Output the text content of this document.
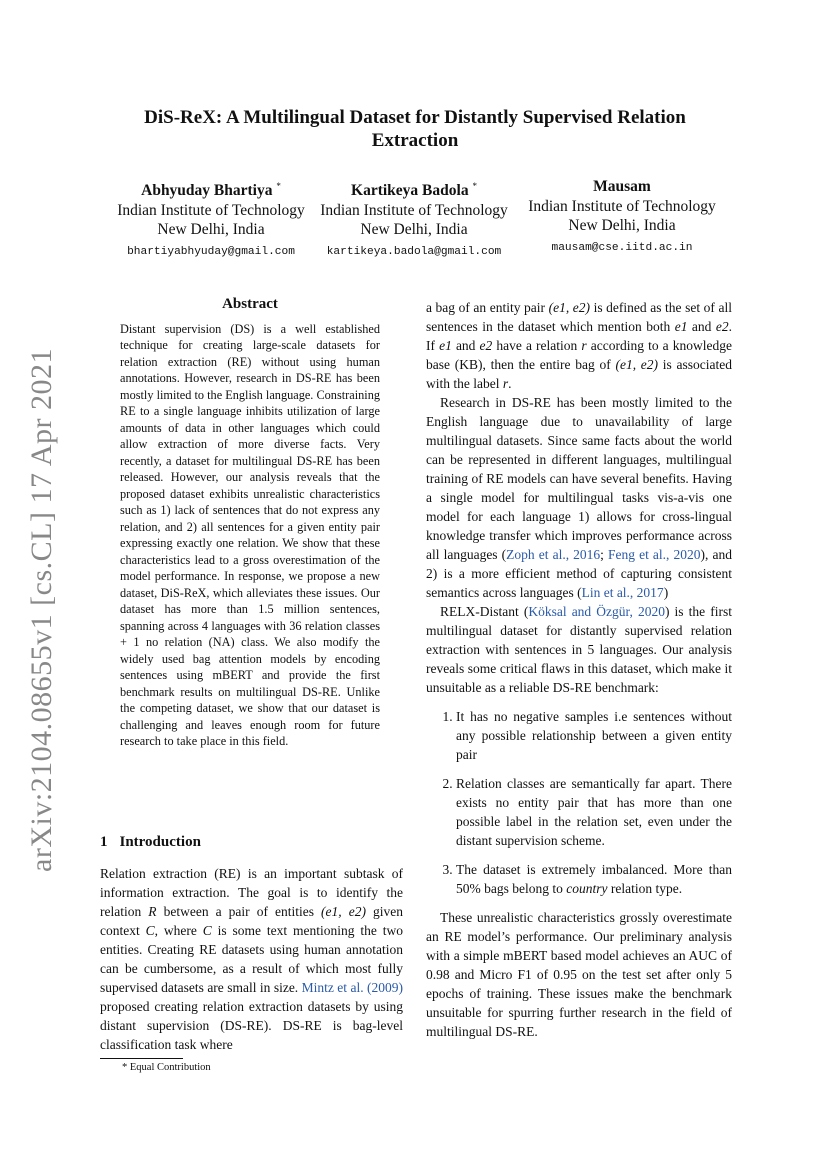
arXiv:2104.08655v1 [cs.CL] 17 Apr 2021
DiS-ReX: A Multilingual Dataset for Distantly Supervised Relation Extraction
Abhyuday Bhartiya *
Indian Institute of Technology
New Delhi, India
bhartiyabhyuday@gmail.com
Kartikeya Badola *
Indian Institute of Technology
New Delhi, India
kartikeya.badola@gmail.com
Mausam
Indian Institute of Technology
New Delhi, India
mausam@cse.iitd.ac.in
Abstract

Distant supervision (DS) is a well established technique for creating large-scale datasets for relation extraction (RE) without using human annotations. However, research in DS-RE has been mostly limited to the English language. Constraining RE to a single language inhibits utilization of large amounts of data in other languages which could allow extraction of more diverse facts. Very recently, a dataset for multilingual DS-RE has been released. However, our analysis reveals that the proposed dataset exhibits unrealistic characteristics such as 1) lack of sentences that do not express any relation, and 2) all sentences for a given entity pair expressing exactly one relation. We show that these characteristics lead to a gross overestimation of the model performance. In response, we propose a new dataset, DiS-ReX, which alleviates these issues. Our dataset has more than 1.5 million sentences, spanning across 4 languages with 36 relation classes + 1 no relation (NA) class. We also modify the widely used bag attention models by encoding sentences using mBERT and provide the first benchmark results on multilingual DS-RE. Unlike the competing dataset, we show that our dataset is challenging and leaves enough room for future research to take place in this field.

1 Introduction

Relation extraction (RE) is an important subtask of information extraction. The goal is to identify the relation R between a pair of entities (e1, e2) given context C, where C is some text mentioning the two entities. Creating RE datasets using human annotation can be cumbersome, as a result of which most fully supervised datasets are small in size. Mintz et al. (2009) proposed creating relation extraction datasets by using distant supervision (DS-RE). DS-RE is bag-level classification task where

* Equal Contribution

a bag of an entity pair (e1, e2) is defined as the set of all sentences in the dataset which mention both e1 and e2. If e1 and e2 have a relation r according to a knowledge base (KB), then the entire bag of (e1, e2) is associated with the label r.

Research in DS-RE has been mostly limited to the English language due to unavailability of large multilingual datasets. Since same facts about the world can be represented in different languages, multilingual training of RE models can have several benefits. Having a single model for multilingual tasks vis-a-vis one model for each language 1) allows for cross-lingual knowledge transfer which improves performance across all languages (Zoph et al., 2016; Feng et al., 2020), and 2) is a more efficient method of capturing consistent semantics across languages (Lin et al., 2017)

RELX-Distant (Köksal and Özgür, 2020) is the first multilingual dataset for distantly supervised relation extraction with sentences in 5 languages. Our analysis reveals some critical flaws in this dataset, which make it unsuitable as a reliable DS-RE benchmark:

1. It has no negative samples i.e sentences without any possible relationship between a given entity pair
2. Relation classes are semantically far apart. There exists no entity pair that has more than one possible label in the relation set, even under the distant supervision scheme.
3. The dataset is extremely imbalanced. More than 50% bags belong to country relation type.

These unrealistic characteristics grossly overestimate an RE model’s performance. Our preliminary analysis with a simple mBERT based model achieves an AUC of 0.98 and Micro F1 of 0.95 on the test set after only 5 epochs of training. These issues make the benchmark unsuitable for spurring further research in the field of multilingual DS-RE.
